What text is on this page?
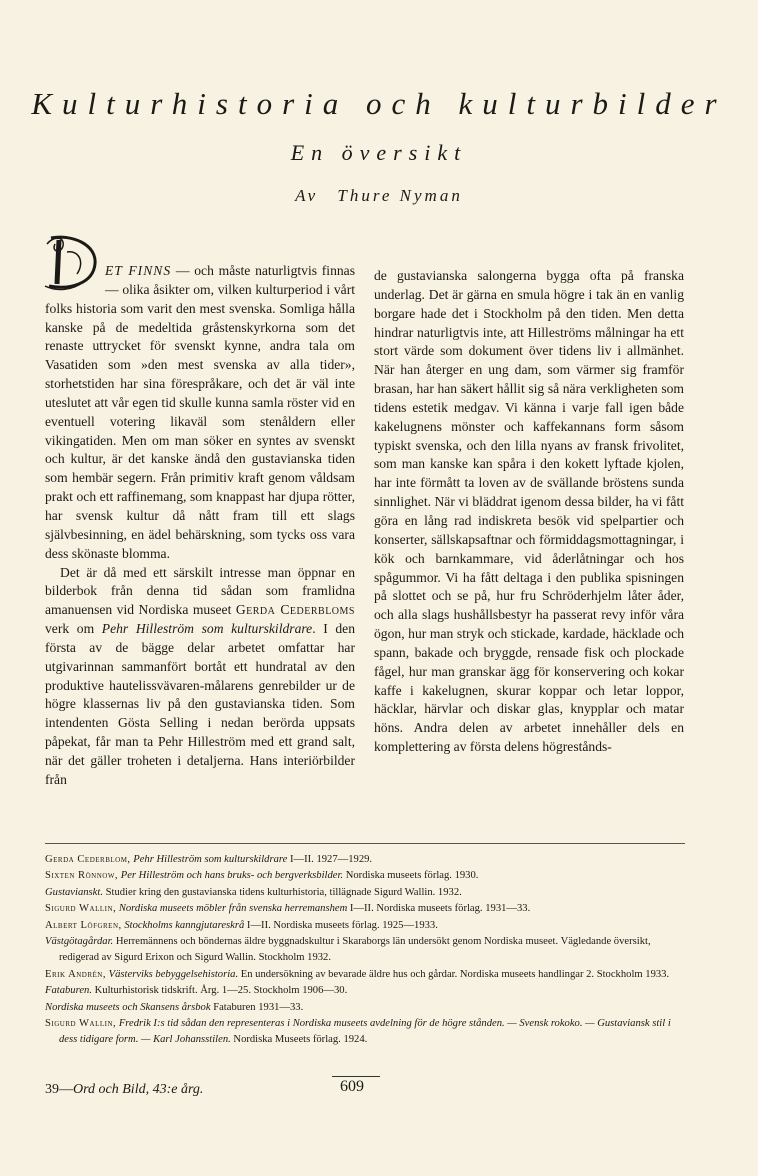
Kulturhistoria och kulturbilder
En översikt
Av Thure Nyman

D ET FINNS — och måste naturligtvis finnas — olika åsikter om, vilken kulturperiod i vårt folks historia som varit den mest svenska. Somliga hålla kanske på de medeltida gråstenskyrkorna som det renaste uttrycket för svenskt kynne, andra tala om Vasatiden som »den mest svenska av alla tider», storhetstiden har sina förespråkare, och det är väl inte uteslutet att vår egen tid skulle kunna samla röster vid en eventuell votering likaväl som stenåldern eller vikingatiden. Men om man söker en syntes av svenskt och kultur, är det kanske ändå den gustavianska tiden som hembär segern. Från primitiv kraft genom våldsam prakt och ett raffinemang, som knappast har djupa rötter, har svensk kultur då nått fram till ett slags självbesinning, en ädel behärskning, som tycks oss vara dess skönaste blomma.

Det är då med ett särskilt intresse man öppnar en bilderbok från denna tid sådan som framlidna amanuensen vid Nordiska museet Gerda Cederbloms verk om Pehr Hilleström som kulturskildrare. I den första av de bägge delar arbetet omfattar har utgivarinnan sammanfört bortåt ett hundratal av den produktive hautelissvävaren-målarens genrebilder ur de högre klassernas liv på den gustavianska tiden. Som intendenten Gösta Selling i nedan berörda uppsats påpekat, får man ta Pehr Hilleström med ett grand salt, när det gäller troheten i detaljerna. Hans interiörbilder från

de gustavianska salongerna bygga ofta på franska underlag. Det är gärna en smula högre i tak än en vanlig borgare hade det i Stockholm på den tiden. Men detta hindrar naturligtvis inte, att Hilleströms målningar ha ett stort värde som dokument över tidens liv i allmänhet. När han återger en ung dam, som värmer sig framför brasan, har han säkert hållit sig så nära verkligheten som tidens estetik medgav. Vi känna i varje fall igen både kakelugnens mönster och kaffekannans form såsom typiskt svenska, och den lilla nyans av fransk frivolitet, som man kanske kan spåra i den kokett lyftade kjolen, har inte förmått ta loven av de svällande bröstens sunda sinnlighet. När vi bläddrat igenom dessa bilder, ha vi fått göra en lång rad indiskreta besök vid spelpartier och konserter, sällskapsaftnar och förmiddagsmottagningar, i kök och barnkammare, vid åderlåtningar och hos spågummor. Vi ha fått deltaga i den publika spisningen på slottet och se på, hur fru Schröderhjelm låter åder, och alla slags hushållsbestyr ha passerat revy inför våra ögon, hur man stryk och stickade, kardade, häcklade och spann, bakade och bryggde, rensade fisk och plockade fågel, hur man granskar ägg för konservering och kokar kaffe i kakelugnen, skurar koppar och letar loppor, häcklar, härvlar och diskar glas, knypplar och matar höns. Andra delen av arbetet innehåller dels en komplettering av första delens högrestånds-

Gerda Cederblom, Pehr Hilleström som kulturskildrare I—II. 1927—1929.

Sixten Rönnow, Per Hilleström och hans bruks- och bergverksbilder. Nordiska museets förlag. 1930.

Gustavianskt. Studier kring den gustavianska tidens kulturhistoria, tillägnade Sigurd Wallin. 1932.

Sigurd Wallin, Nordiska museets möbler från svenska herremanshem I—II. Nordiska museets förlag. 1931—33.

Albert Löfgren, Stockholms kanngjutareskrå I—II. Nordiska museets förlag. 1925—1933.

Västgötagårdar. Herremännens och böndernas äldre byggnadskultur i Skaraborgs län undersökt genom Nordiska museet. Vägledande översikt, redigerad av Sigurd Erixon och Sigurd Wallin. Stockholm 1932.

Erik Andrén, Västerviks bebyggelsehistoria. En undersökning av bevarade äldre hus och gårdar. Nordiska museets handlingar 2. Stockholm 1933.

Fataburen. Kulturhistorisk tidskrift. Årg. 1—25. Stockholm 1906—30.

Nordiska museets och Skansens årsbok Fataburen 1931—33.

Sigurd Wallin, Fredrik I:s tid sådan den representeras i Nordiska museets avdelning för de högre stånden. — Svensk rokoko. — Gustaviansk stil i dess tidigare form. — Karl Johansstilen. Nordiska Museets förlag. 1924.

39—Ord och Bild, 43:e årg.	609
